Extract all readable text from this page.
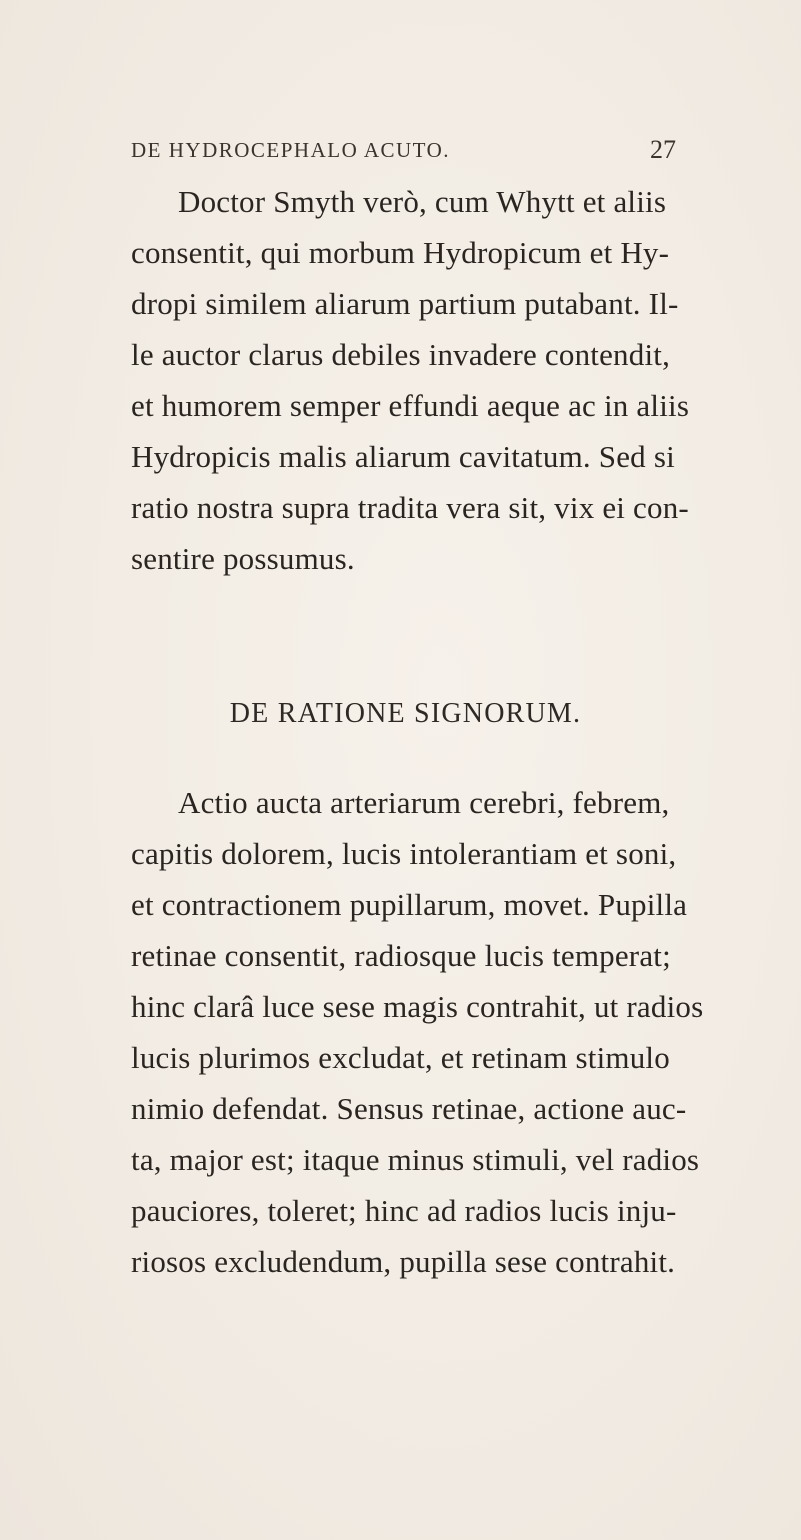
DE HYDROCEPHALO ACUTO.	27
Doctor Smyth verò, cum Whytt et aliis
consentit, qui morbum Hydropicum et Hy-
dropi similem aliarum partium putabant. Il-
le auctor clarus debiles invadere contendit,
et humorem semper effundi aeque ac in aliis
Hydropicis malis aliarum cavitatum. Sed si
ratio nostra supra tradita vera sit, vix ei con-
sentire possumus.
DE RATIONE SIGNORUM.
Actio aucta arteriarum cerebri, febrem,
capitis dolorem, lucis intolerantiam et soni,
et contractionem pupillarum, movet. Pupilla
retinae consentit, radiosque lucis temperat;
hinc clarâ luce sese magis contrahit, ut radios
lucis plurimos excludat, et retinam stimulo
nimio defendat. Sensus retinae, actione auc-
ta, major est; itaque minus stimuli, vel radios
pauciores, toleret; hinc ad radios lucis inju-
riosos excludendum, pupilla sese contrahit.
